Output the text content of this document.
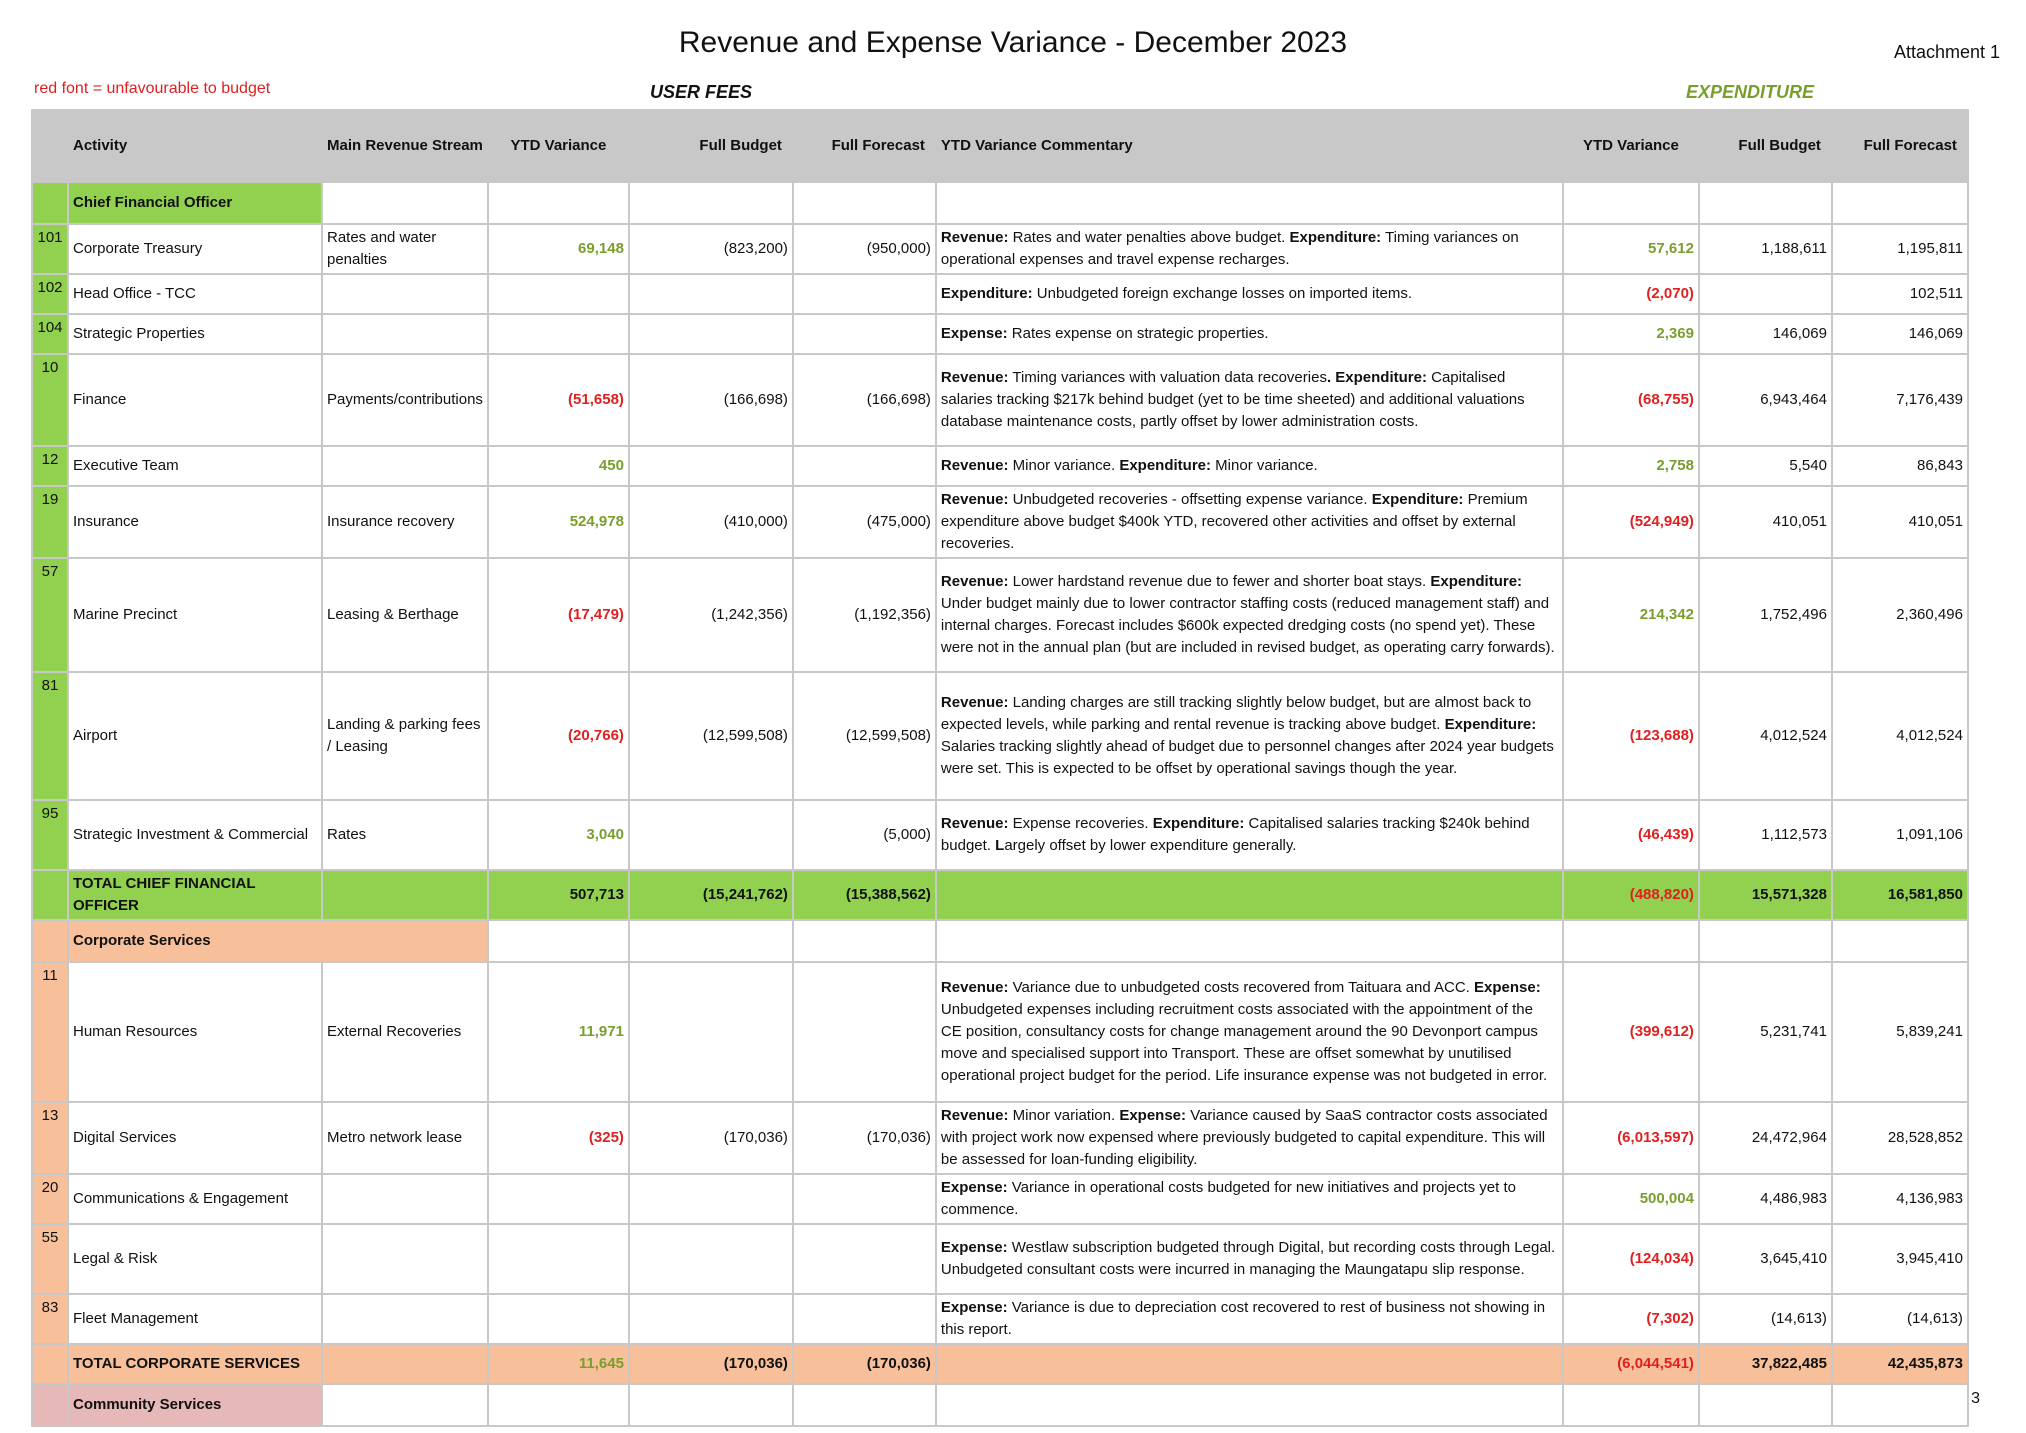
Revenue and Expense Variance - December 2023	Attachment 1
red font = unfavourable to budget	USER FEES	EXPENDITURE
	Activity	Main Revenue Stream	YTD Variance	Full Budget	Full Forecast	YTD Variance Commentary	YTD Variance	Full Budget	Full Forecast
	Chief Financial Officer								
101	Corporate Treasury	Rates and water penalties	69,148	(823,200)	(950,000)	Revenue: Rates and water penalties above budget. Expenditure: Timing variances on operational expenses and travel expense recharges.	57,612	1,188,611	1,195,811
102	Head Office - TCC					Expenditure: Unbudgeted foreign exchange losses on imported items.	(2,070)		102,511
104	Strategic Properties					Expense: Rates expense on strategic properties.	2,369	146,069	146,069
10	Finance	Payments/contributions	(51,658)	(166,698)	(166,698)	Revenue: Timing variances with valuation data recoveries. Expenditure: Capitalised salaries tracking $217k behind budget (yet to be time sheeted) and additional valuations database maintenance costs, partly offset by lower administration costs.	(68,755)	6,943,464	7,176,439
12	Executive Team		450			Revenue: Minor variance. Expenditure: Minor variance.	2,758	5,540	86,843
19	Insurance	Insurance recovery	524,978	(410,000)	(475,000)	Revenue: Unbudgeted recoveries - offsetting expense variance. Expenditure: Premium expenditure above budget $400k YTD, recovered other activities and offset by external recoveries.	(524,949)	410,051	410,051
57	Marine Precinct	Leasing & Berthage	(17,479)	(1,242,356)	(1,192,356)	Revenue: Lower hardstand revenue due to fewer and shorter boat stays. Expenditure: Under budget mainly due to lower contractor staffing costs (reduced management staff) and internal charges. Forecast includes $600k expected dredging costs (no spend yet). These were not in the annual plan (but are included in revised budget, as operating carry forwards).	214,342	1,752,496	2,360,496
81	Airport	Landing & parking fees / Leasing	(20,766)	(12,599,508)	(12,599,508)	Revenue: Landing charges are still tracking slightly below budget, but are almost back to expected levels, while parking and rental revenue is tracking above budget. Expenditure: Salaries tracking slightly ahead of budget due to personnel changes after 2024 year budgets were set. This is expected to be offset by operational savings though the year.	(123,688)	4,012,524	4,012,524
95	Strategic Investment & Commercial	Rates	3,040		(5,000)	Revenue: Expense recoveries. Expenditure: Capitalised salaries tracking $240k behind budget. Largely offset by lower expenditure generally.	(46,439)	1,112,573	1,091,106
	TOTAL CHIEF FINANCIAL OFFICER		507,713	(15,241,762)	(15,388,562)		(488,820)	15,571,328	16,581,850
	Corporate Services								
11	Human Resources	External Recoveries	11,971			Revenue: Variance due to unbudgeted costs recovered from Taituara and ACC. Expense: Unbudgeted expenses including recruitment costs associated with the appointment of the CE position, consultancy costs for change management around the 90 Devonport campus move and specialised support into Transport. These are offset somewhat by unutilised operational project budget for the period. Life insurance expense was not budgeted in error.	(399,612)	5,231,741	5,839,241
13	Digital Services	Metro network lease	(325)	(170,036)	(170,036)	Revenue: Minor variation. Expense: Variance caused by SaaS contractor costs associated with project work now expensed where previously budgeted to capital expenditure. This will be assessed for loan-funding eligibility.	(6,013,597)	24,472,964	28,528,852
20	Communications & Engagement					Expense: Variance in operational costs budgeted for new initiatives and projects yet to commence.	500,004	4,486,983	4,136,983
55	Legal & Risk					Expense: Westlaw subscription budgeted through Digital, but recording costs through Legal. Unbudgeted consultant costs were incurred in managing the Maungatapu slip response.	(124,034)	3,645,410	3,945,410
83	Fleet Management					Expense: Variance is due to depreciation cost recovered to rest of business not showing in this report.	(7,302)	(14,613)	(14,613)
	TOTAL CORPORATE SERVICES		11,645	(170,036)	(170,036)		(6,044,541)	37,822,485	42,435,873
	Community Services									3
